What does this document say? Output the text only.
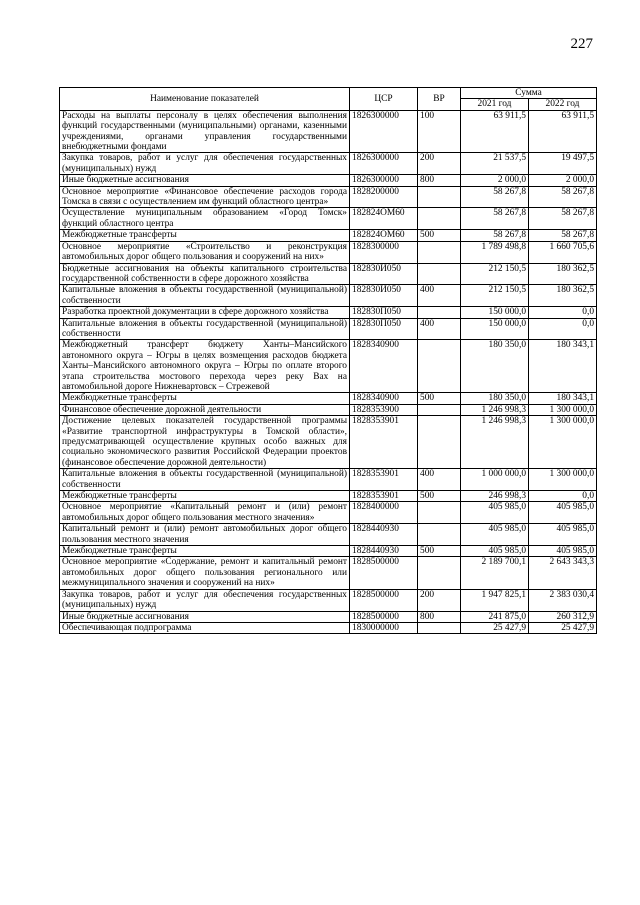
227
Наименование показателей	ЦСР	ВР	Сумма	
			2021 год	2022 год
Расходы на выплаты персоналу в целях обеспечения выполнения функций государственными (муниципальными) органами, казенными учреждениями, органами управления государственными внебюджетными фондами	1826300000	100	63 911,5	63 911,5
Закупка товаров, работ и услуг для обеспечения государственных (муниципальных) нужд	1826300000	200	21 537,5	19 497,5
Иные бюджетные ассигнования	1826300000	800	2 000,0	2 000,0
Основное мероприятие «Финансовое обеспечение расходов города Томска в связи с осуществлением им функций областного центра»	1828200000		58 267,8	58 267,8
Осуществление муниципальным образованием «Город Томск» функций областного центра	182824ОМ60		58 267,8	58 267,8
Межбюджетные трансферты	182824ОМ60	500	58 267,8	58 267,8
Основное мероприятие «Строительство и реконструкция автомобильных дорог общего пользования и сооружений на них»	1828300000		1 789 498,8	1 660 705,6
Бюджетные ассигнования на объекты капитального строительства государственной собственности в сфере дорожного хозяйства	182830И050		212 150,5	180 362,5
Капитальные вложения в объекты государственной (муниципальной) собственности	182830И050	400	212 150,5	180 362,5
Разработка проектной документации в сфере дорожного хозяйства	182830П050		150 000,0	0,0
Капитальные вложения в объекты государственной (муниципальной) собственности	182830П050	400	150 000,0	0,0
Межбюджетный трансферт бюджету Ханты–Мансийского автономного округа – Югры в целях возмещения расходов бюджета Ханты–Мансийского автономного округа – Югры по оплате второго этапа строительства мостового перехода через реку Вах на автомобильной дороге Нижневартовск – Стрежевой	1828340900		180 350,0	180 343,1
Межбюджетные трансферты	1828340900	500	180 350,0	180 343,1
Финансовое обеспечение дорожной деятельности	1828353900		1 246 998,3	1 300 000,0
Достижение целевых показателей государственной программы «Развитие транспортной инфраструктуры в Томской области», предусматривающей осуществление крупных особо важных для социально экономического развития Российской Федерации проектов (финансовое обеспечение дорожной деятельности)	1828353901		1 246 998,3	1 300 000,0
Капитальные вложения в объекты государственной (муниципальной) собственности	1828353901	400	1 000 000,0	1 300 000,0
Межбюджетные трансферты	1828353901	500	246 998,3	0,0
Основное мероприятие «Капитальный ремонт и (или) ремонт автомобильных дорог общего пользования местного значения»	1828400000		405 985,0	405 985,0
Капитальный ремонт и (или) ремонт автомобильных дорог общего пользования местного значения	1828440930		405 985,0	405 985,0
Межбюджетные трансферты	1828440930	500	405 985,0	405 985,0
Основное мероприятие «Содержание, ремонт и капитальный ремонт автомобильных дорог общего пользования регионального или межмуниципального значения и сооружений на них»	1828500000		2 189 700,1	2 643 343,3
Закупка товаров, работ и услуг для обеспечения государственных (муниципальных) нужд	1828500000	200	1 947 825,1	2 383 030,4
Иные бюджетные ассигнования	1828500000	800	241 875,0	260 312,9
Обеспечивающая подпрограмма	1830000000		25 427,9	25 427,9
